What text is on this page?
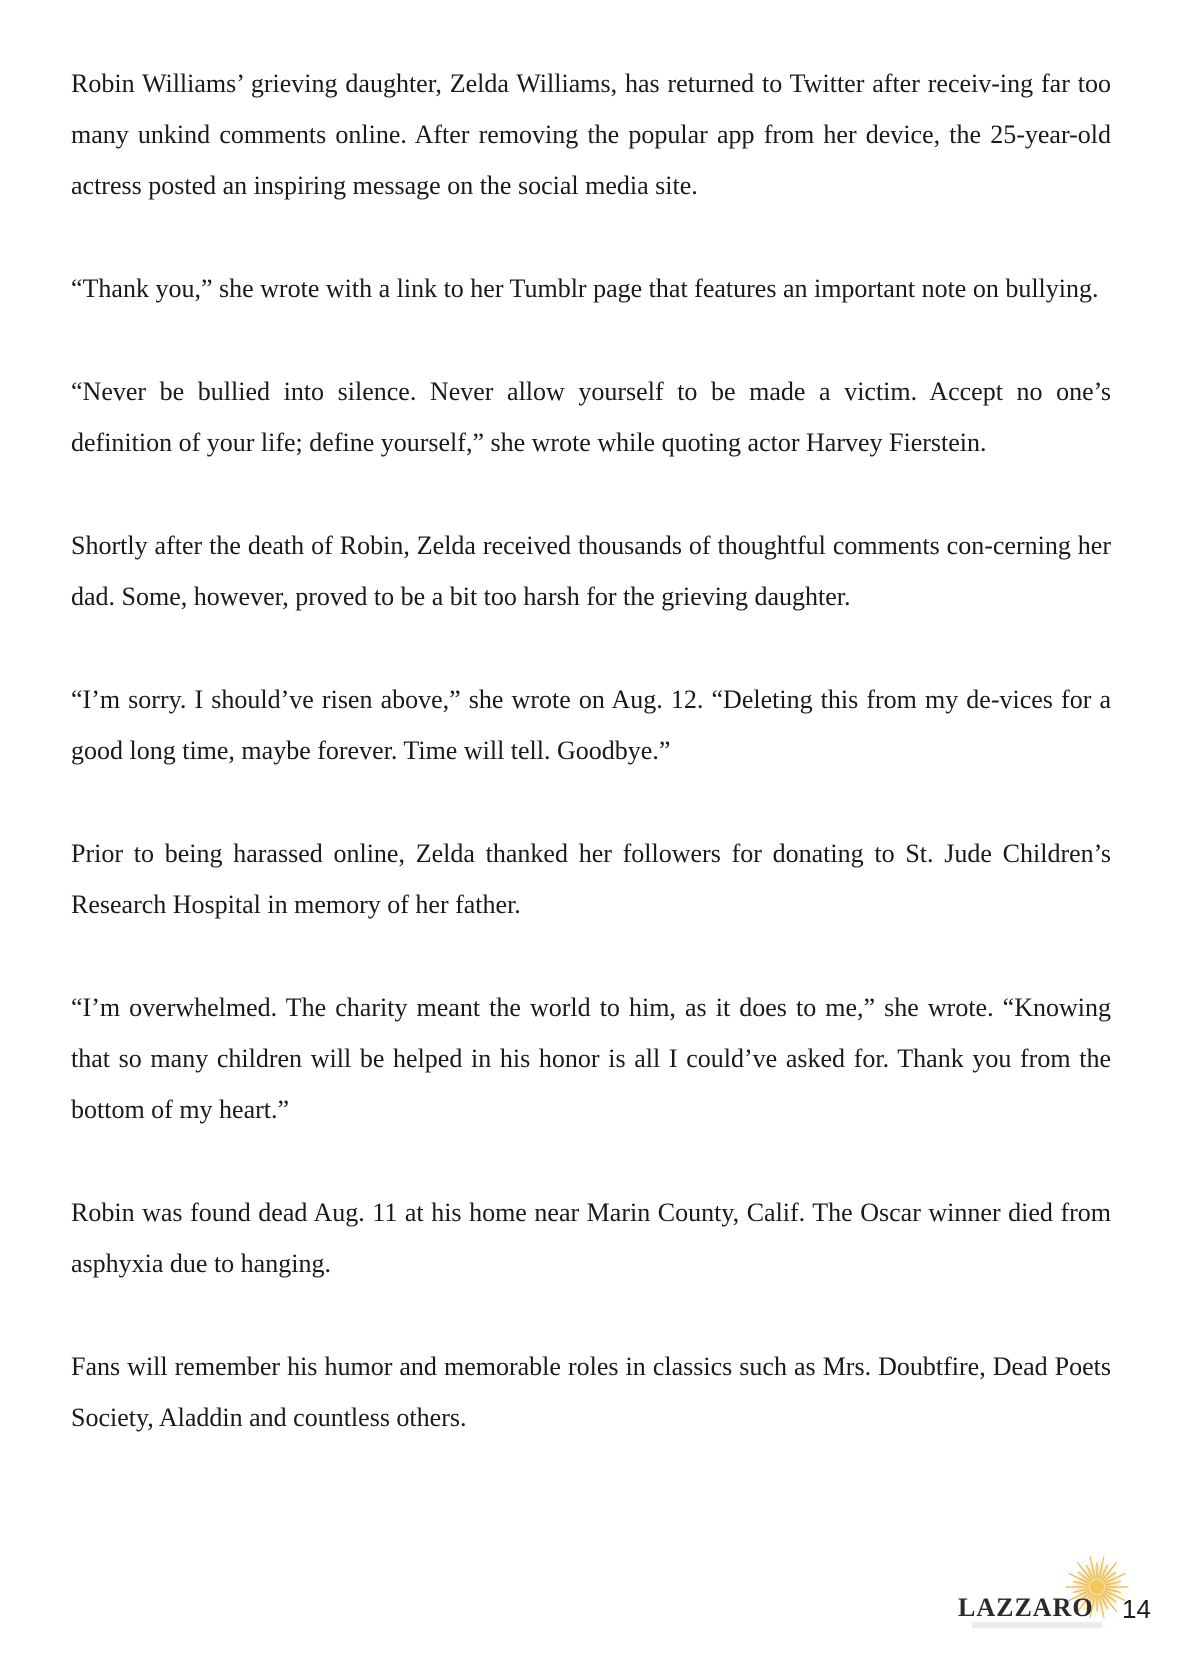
Robin Williams’ grieving daughter, Zelda Williams, has returned to Twitter after receiv-ing far too many unkind comments online. After removing the popular app from her device, the 25-year-old actress posted an inspiring message on the social media site.

“Thank you,” she wrote with a link to her Tumblr page that features an important note on bullying.

“Never be bullied into silence. Never allow yourself to be made a victim. Accept no one’s definition of your life; define yourself,” she wrote while quoting actor Harvey Fierstein.

Shortly after the death of Robin, Zelda received thousands of thoughtful comments con-cerning her dad. Some, however, proved to be a bit too harsh for the grieving daughter.

“I’m sorry. I should’ve risen above,” she wrote on Aug. 12. “Deleting this from my de-vices for a good long time, maybe forever. Time will tell. Goodbye.”

Prior to being harassed online, Zelda thanked her followers for donating to St. Jude Children’s Research Hospital in memory of her father.

“I’m overwhelmed. The charity meant the world to him, as it does to me,” she wrote. “Knowing that so many children will be helped in his honor is all I could’ve asked for. Thank you from the bottom of my heart.”

Robin was found dead Aug. 11 at his home near Marin County, Calif. The Oscar winner died from asphyxia due to hanging.

Fans will remember his humor and memorable roles in classics such as Mrs. Doubtfire, Dead Poets Society, Aladdin and countless others.

LAZZARO 14
